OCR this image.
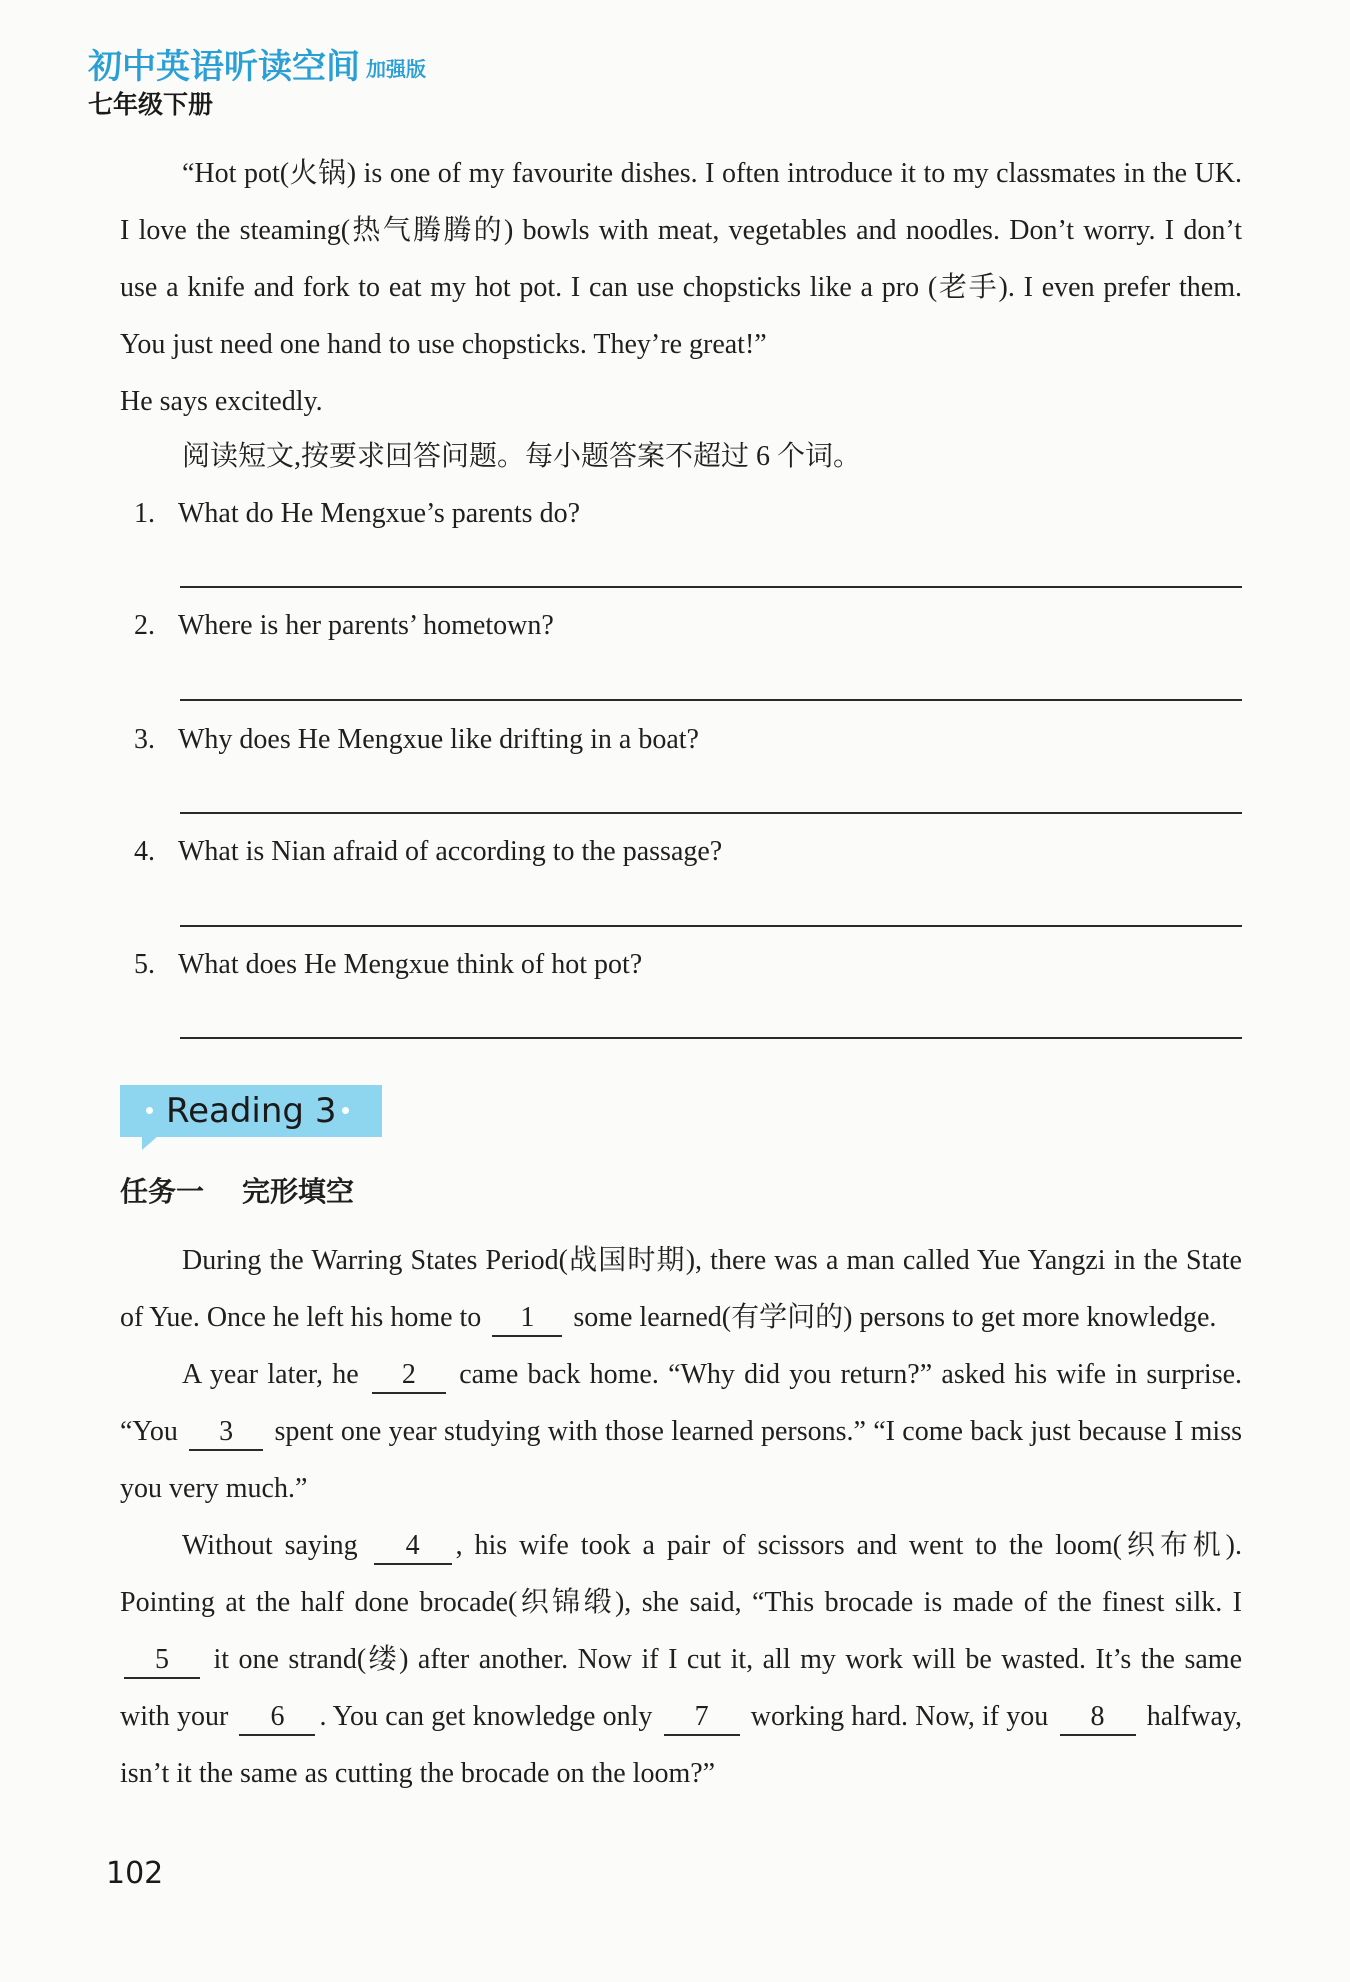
初中英语听读空间 加强版
七年级下册

“Hot pot(火锅) is one of my favourite dishes. I often introduce it to my classmates in the UK. I love the steaming(热气腾腾的) bowls with meat, vegetables and noodles. Don’t worry. I don’t use a knife and fork to eat my hot pot. I can use chopsticks like a pro (老手). I even prefer them. You just need one hand to use chopsticks. They’re great!”

He says excitedly.

阅读短文,按要求回答问题。每小题答案不超过 6 个词。
1. What do He Mengxue’s parents do?
2. Where is her parents’ hometown?
3. Why does He Mengxue like drifting in a boat?
4. What is Nian afraid of according to the passage?
5. What does He Mengxue think of hot pot?
Reading 3
任务一 完形填空

During the Warring States Period(战国时期), there was a man called Yue Yangzi in the State of Yue. Once he left his home to 1 some learned(有学问的) persons to get more knowledge.

A year later, he 2 came back home. “Why did you return?” asked his wife in surprise. “You 3 spent one year studying with those learned persons.” “I come back just because I miss you very much.”

Without saying 4 , his wife took a pair of scissors and went to the loom(织布机). Pointing at the half done brocade(织锦缎), she said, “This brocade is made of the finest silk. I 5 it one strand(缕) after another. Now if I cut it, all my work will be wasted. It’s the same with your 6 . You can get knowledge only 7 working hard. Now, if you 8 halfway, isn’t it the same as cutting the brocade on the loom?”

102
